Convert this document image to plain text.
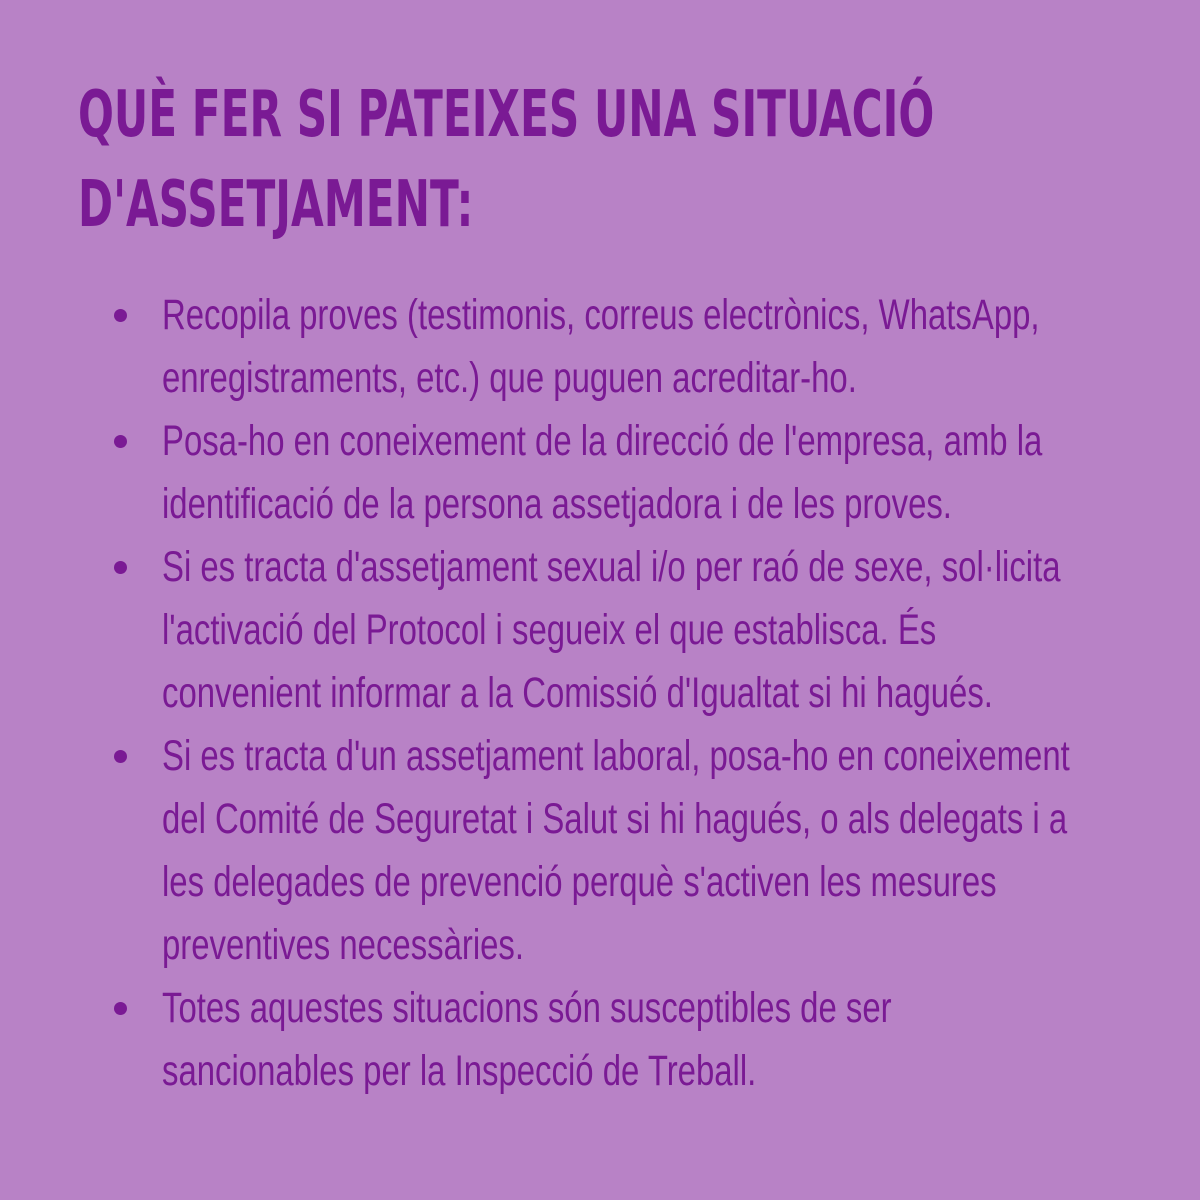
QUÈ FER SI PATEIXES UNA SITUACIÓ
D'ASSETJAMENT:
Recopila proves (testimonis, correus electrònics, WhatsApp,
enregistraments, etc.) que puguen acreditar-ho.
Posa-ho en coneixement de la direcció de l'empresa, amb la
identificació de la persona assetjadora i de les proves.
Si es tracta d'assetjament sexual i/o per raó de sexe, sol·licita
l'activació del Protocol i segueix el que establisca. És
convenient informar a la Comissió d'Igualtat si hi hagués.
Si es tracta d'un assetjament laboral, posa-ho en coneixement
del Comité de Seguretat i Salut si hi hagués, o als delegats i a
les delegades de prevenció perquè s'activen les mesures
preventives necessàries.
Totes aquestes situacions són susceptibles de ser
sancionables per la Inspecció de Treball.
